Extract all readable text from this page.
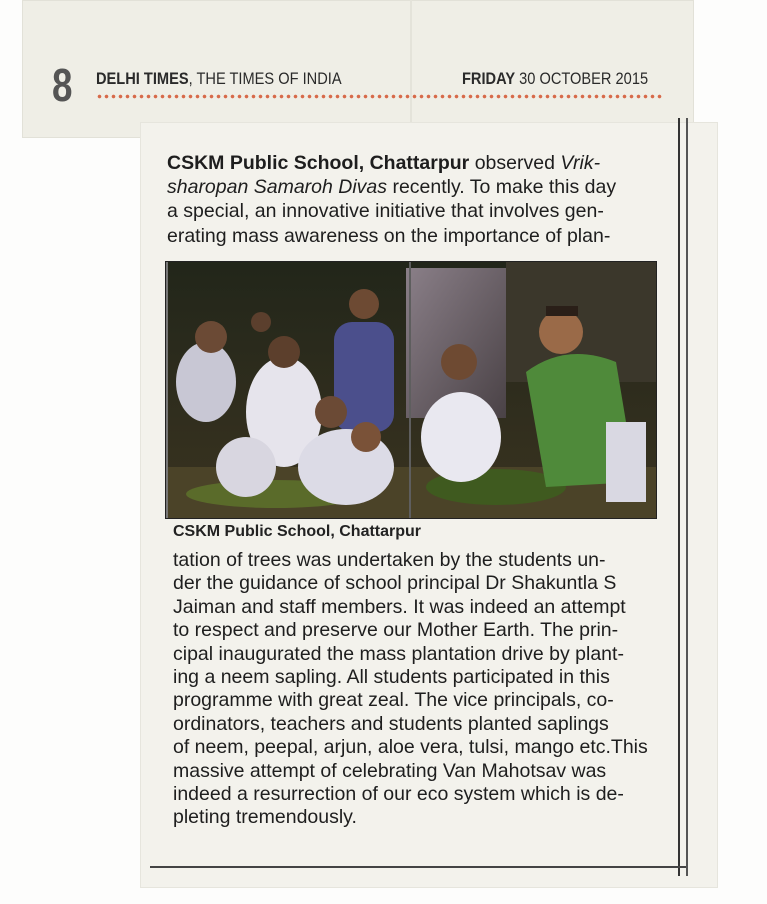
8 DELHI TIMES, THE TIMES OF INDIA	FRIDAY 30 OCTOBER 2015
CSKM Public School, Chattarpur observed Vrik-
sharopan Samaroh Divas recently. To make this day
a special, an innovative initiative that involves gen-
erating mass awareness on the importance of plan-
CSKM Public School, Chattarpur
tation of trees was undertaken by the students un-
der the guidance of school principal Dr Shakuntla S
Jaiman and staff members. It was indeed an attempt
to respect and preserve our Mother Earth. The prin-
cipal inaugurated the mass plantation drive by plant-
ing a neem sapling. All students participated in this
programme with great zeal. The vice principals, co-
ordinators, teachers and students planted saplings
of neem, peepal, arjun, aloe vera, tulsi, mango etc.This
massive attempt of celebrating Van Mahotsav was
indeed a resurrection of our eco system which is de-
pleting tremendously.
